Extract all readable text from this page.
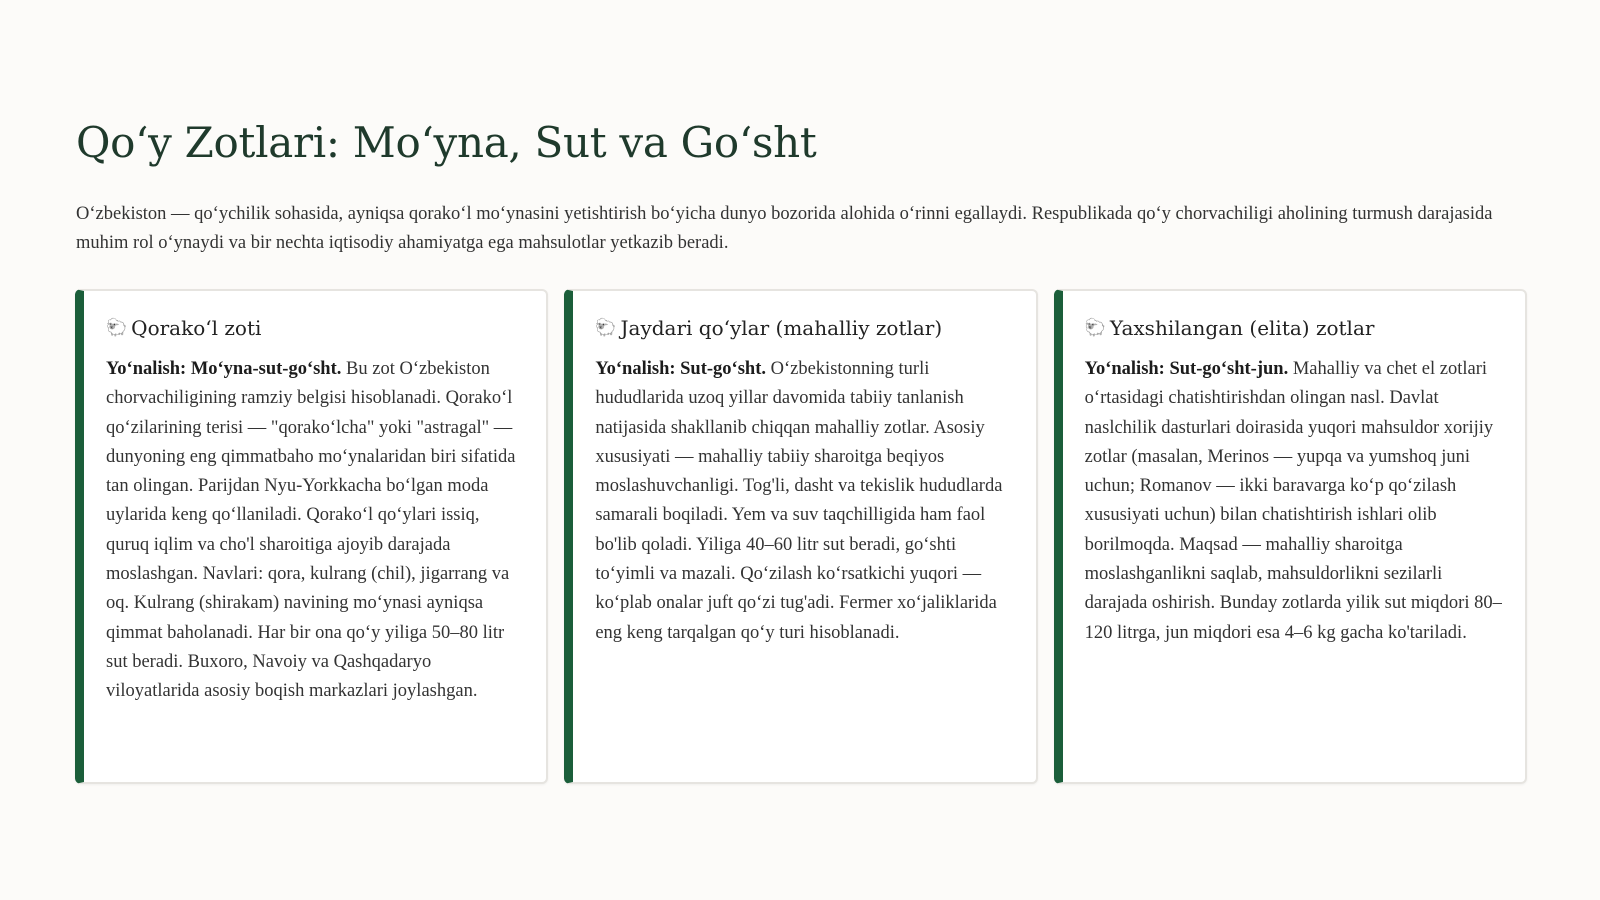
Qoʻy Zotlari: Moʻyna, Sut va Goʻsht

Oʻzbekiston — qoʻychilik sohasida, ayniqsa qorakoʻl moʻynasini yetishtirish boʻyicha dunyo bozorida alohida oʻrinni egallaydi. Respublikada qoʻy chorvachiligi aholining turmush darajasida muhim rol oʻynaydi va bir nechta iqtisodiy ahamiyatga ega mahsulotlar yetkazib beradi.

🐑 Qorakoʻl zoti

Yoʻnalish: Moʻyna-sut-goʻsht. Bu zot Oʻzbekiston chorvachiligining ramziy belgisi hisoblanadi. Qorakoʻl qoʻzilarining terisi — "qorakoʻlcha" yoki "astragal" — dunyoning eng qimmatbaho moʻynalaridan biri sifatida tan olingan. Parijdan Nyu-Yorkkacha boʻlgan moda uylarida keng qoʻllaniladi. Qorakoʻl qoʻylari issiq, quruq iqlim va cho'l sharoitiga ajoyib darajada moslashgan. Navlari: qora, kulrang (chil), jigarrang va oq. Kulrang (shirakam) navining moʻynasi ayniqsa qimmat baholanadi. Har bir ona qoʻy yiliga 50–80 litr sut beradi. Buxoro, Navoiy va Qashqadaryo viloyatlarida asosiy boqish markazlari joylashgan.

🐑 Jaydari qoʻylar (mahalliy zotlar)

Yoʻnalish: Sut-goʻsht. Oʻzbekistonning turli hududlarida uzoq yillar davomida tabiiy tanlanish natijasida shakllanib chiqqan mahalliy zotlar. Asosiy xususiyati — mahalliy tabiiy sharoitga beqiyos moslashuvchanligi. Tog'li, dasht va tekislik hududlarda samarali boqiladi. Yem va suv taqchilligida ham faol bo'lib qoladi. Yiliga 40–60 litr sut beradi, goʻshti toʻyimli va mazali. Qoʻzilash koʻrsatkichi yuqori — koʻplab onalar juft qoʻzi tug'adi. Fermer xoʻjaliklarida eng keng tarqalgan qoʻy turi hisoblanadi.

🐑 Yaxshilangan (elita) zotlar

Yoʻnalish: Sut-goʻsht-jun. Mahalliy va chet el zotlari oʻrtasidagi chatishtirishdan olingan nasl. Davlat naslchilik dasturlari doirasida yuqori mahsuldor xorijiy zotlar (masalan, Merinos — yupqa va yumshoq juni uchun; Romanov — ikki baravarga koʻp qoʻzilash xususiyati uchun) bilan chatishtirish ishlari olib borilmoqda. Maqsad — mahalliy sharoitga moslashganlikni saqlab, mahsuldorlikni sezilarli darajada oshirish. Bunday zotlarda yilik sut miqdori 80–120 litrga, jun miqdori esa 4–6 kg gacha ko'tariladi.
